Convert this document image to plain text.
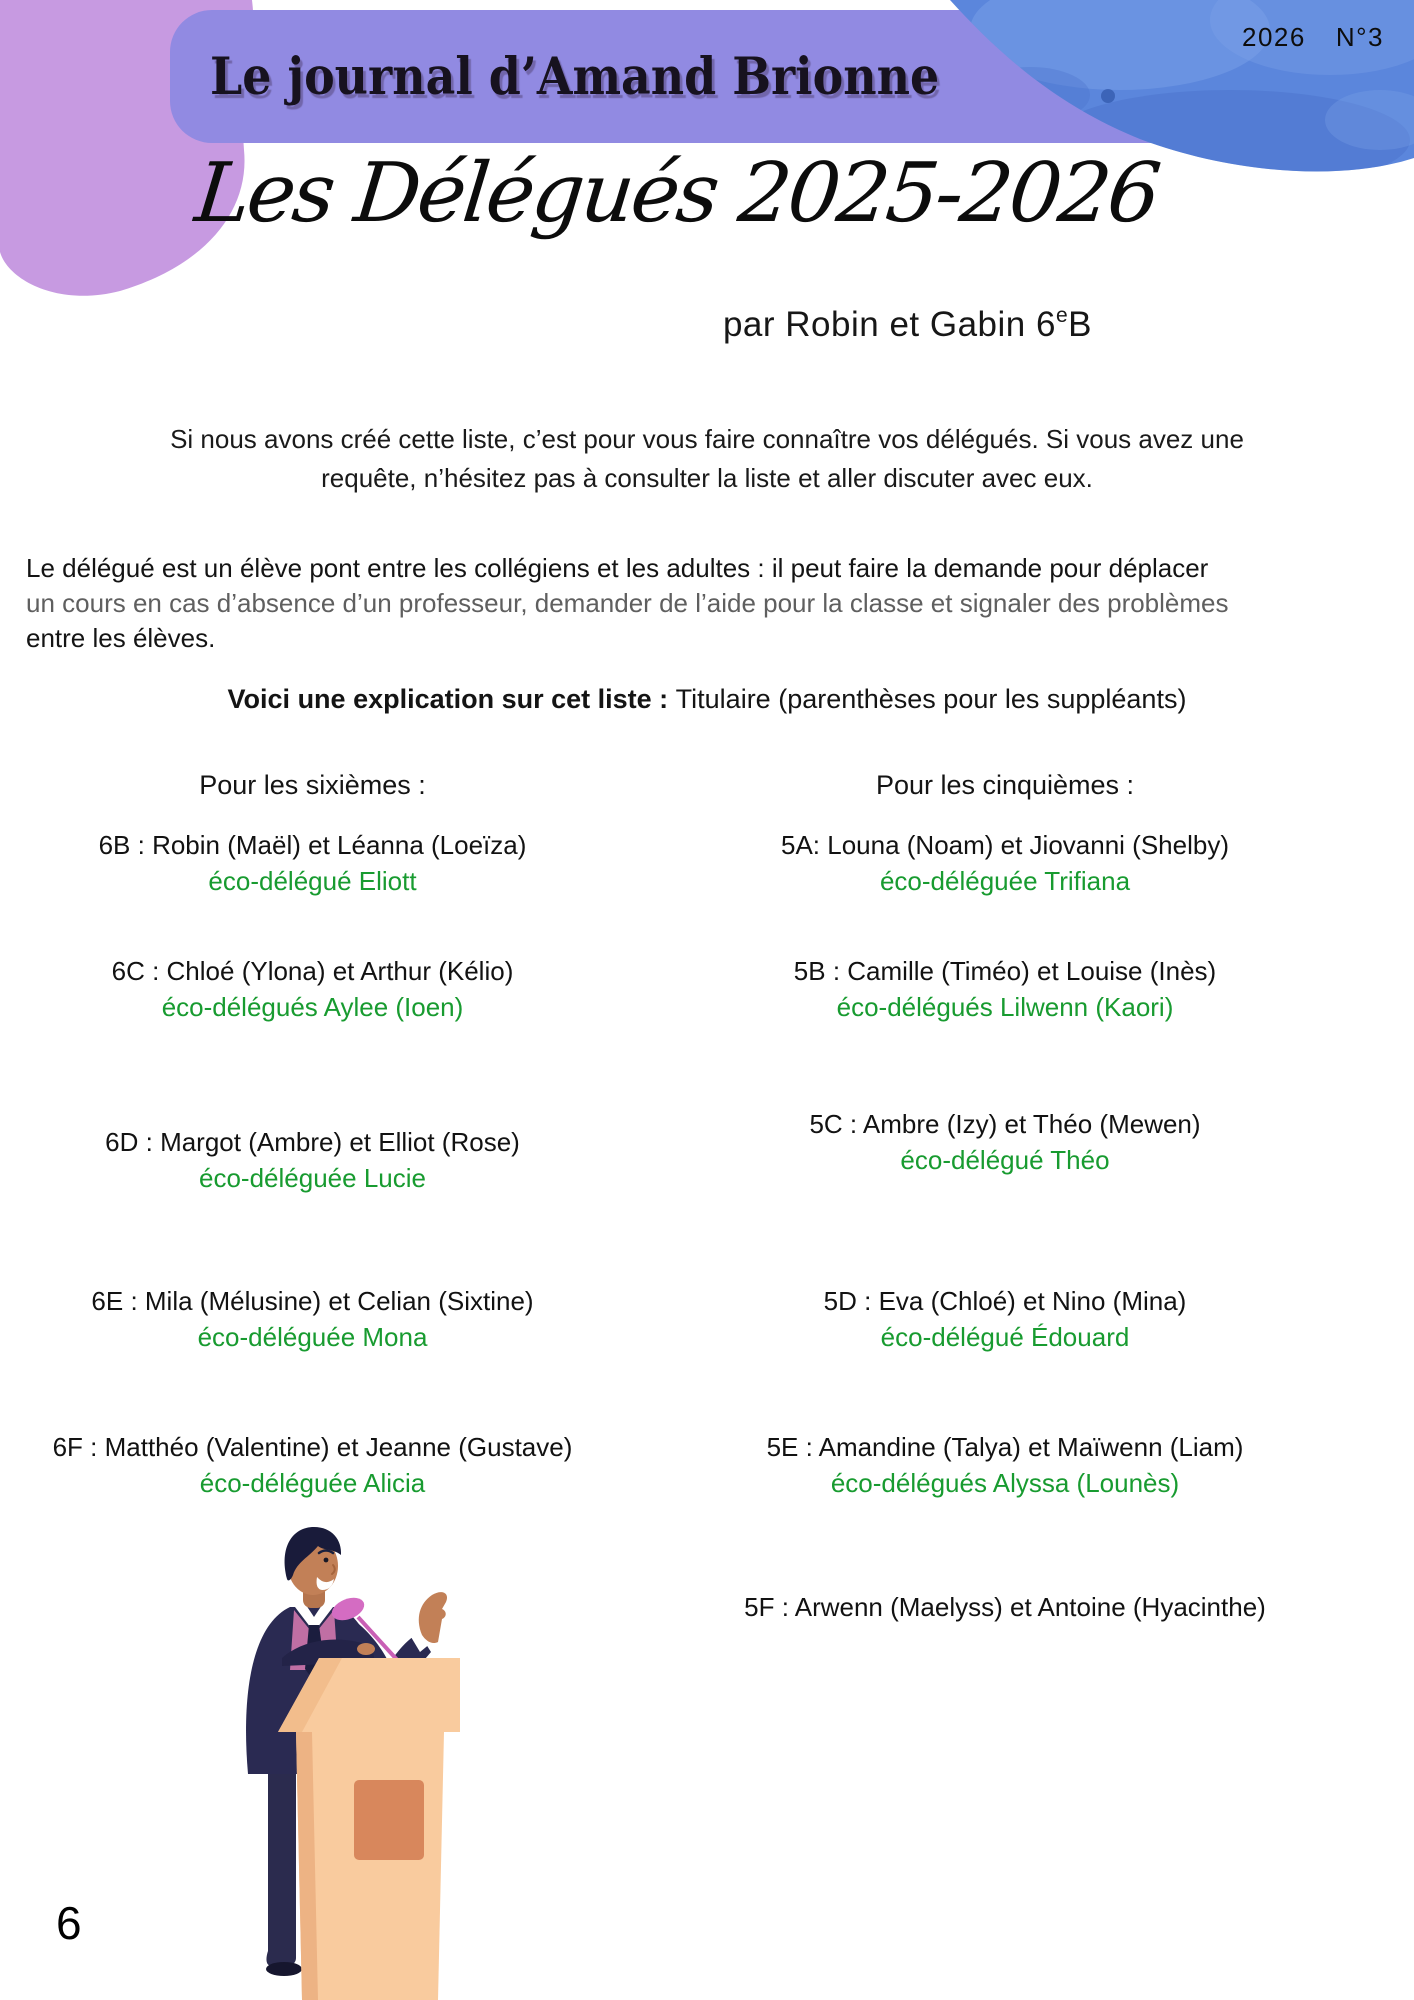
Le journal d’Amand Brionne
2026 N°3
Les Délégués 2025-2026
par Robin et Gabin 6eB
Si nous avons créé cette liste, c’est pour vous faire connaître vos délégués. Si vous avez une
requête, n’hésitez pas à consulter la liste et aller discuter avec eux.
Le délégué est un élève pont entre les collégiens et les adultes : il peut faire la demande pour déplacer
un cours en cas d’absence d’un professeur, demander de l’aide pour la classe et signaler des problèmes
entre les élèves.
Voici une explication sur cet liste : Titulaire (parenthèses pour les suppléants)
Pour les sixièmes :	Pour les cinquièmes :
6B : Robin (Maël) et Léanna (Loeïza)
éco-délégué Eliott
6C : Chloé (Ylona) et Arthur (Kélio)
éco-délégués Aylee (Ioen)
6D : Margot (Ambre) et Elliot (Rose)
éco-déléguée Lucie
6E : Mila (Mélusine) et Celian (Sixtine)
éco-déléguée Mona
6F : Matthéo (Valentine) et Jeanne (Gustave)
éco-déléguée Alicia
5A: Louna (Noam) et Jiovanni (Shelby)
éco-déléguée Trifiana
5B : Camille (Timéo) et Louise (Inès)
éco-délégués Lilwenn (Kaori)
5C : Ambre (Izy) et Théo (Mewen)
éco-délégué Théo
5D : Eva (Chloé) et Nino (Mina)
éco-délégué Édouard
5E : Amandine (Talya) et Maïwenn (Liam)
éco-délégués Alyssa (Lounès)
5F : Arwenn (Maelyss) et Antoine (Hyacinthe)
6
